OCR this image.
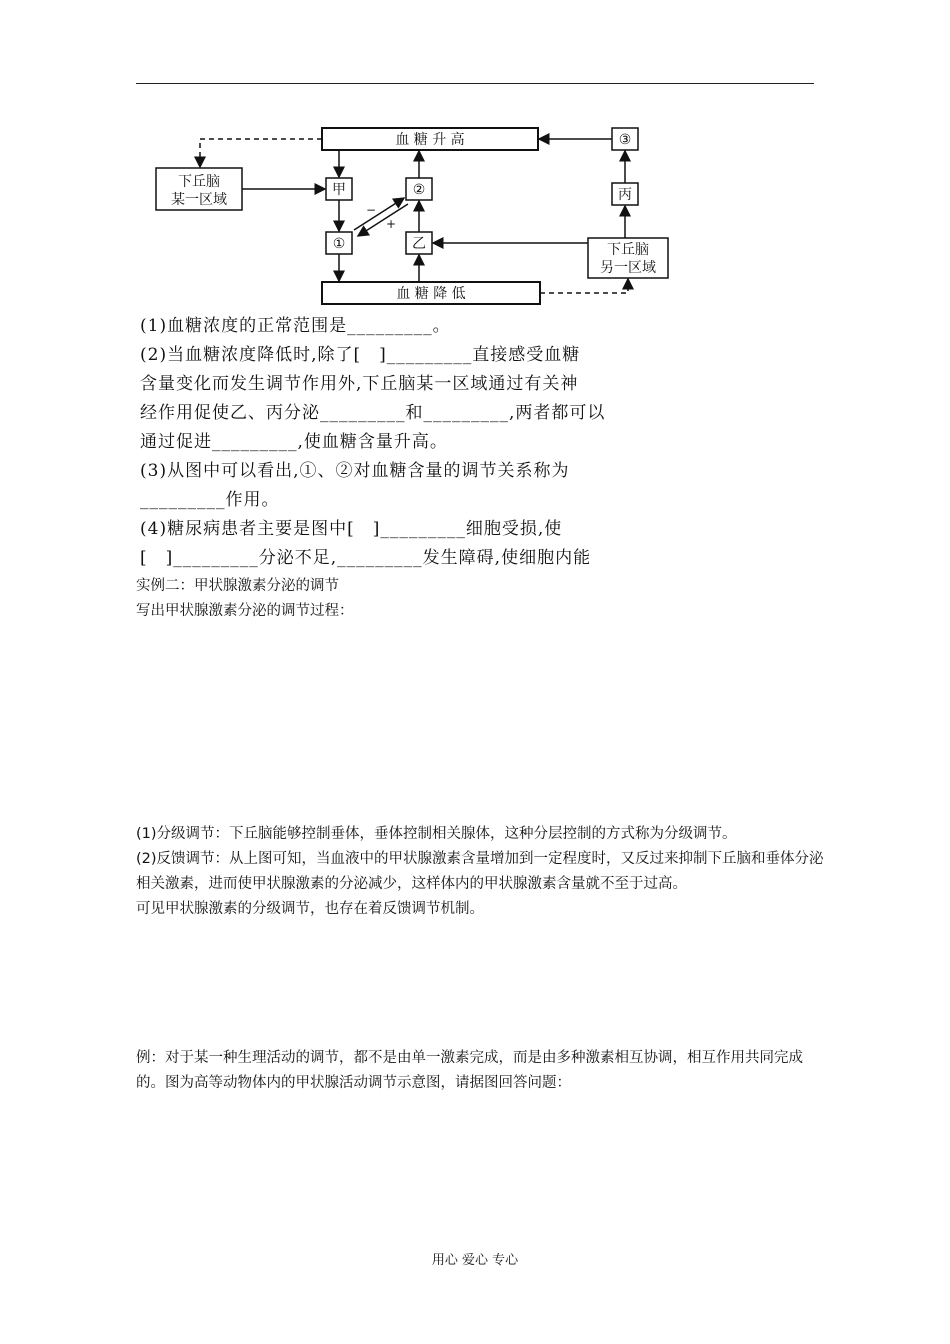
血 糖 升 高
血 糖 降 低
下丘脑
某一区域
下丘脑
另一区域
甲	②
①	乙
丙
③
−
+

(1)血糖浓度的正常范围是_________。

(2)当血糖浓度降低时,除了[　]_________直接感受血糖

含量变化而发生调节作用外,下丘脑某一区域通过有关神

经作用促使乙、丙分泌_________和_________,两者都可以

通过促进_________,使血糖含量升高。

(3)从图中可以看出,①、②对血糖含量的调节关系称为

_________作用。

(4)糖尿病患者主要是图中[　]_________细胞受损,使

[　]_________分泌不足,_________发生障碍,使细胞内能

实例二：甲状腺激素分泌的调节

写出甲状腺激素分泌的调节过程：

(1)分级调节：下丘脑能够控制垂体，垂体控制相关腺体，这种分层控制的方式称为分级调节。

(2)反馈调节：从上图可知，当血液中的甲状腺激素含量增加到一定程度时，又反过来抑制下丘脑和垂体分泌相关激素，进而使甲状腺激素的分泌减少，这样体内的甲状腺激素含量就不至于过高。

可见甲状腺激素的分级调节，也存在着反馈调节机制。

例：对于某一种生理活动的调节，都不是由单一激素完成，而是由多种激素相互协调，相互作用共同完成的。图为高等动物体内的甲状腺活动调节示意图，请据图回答问题：

用心 爱心 专心
